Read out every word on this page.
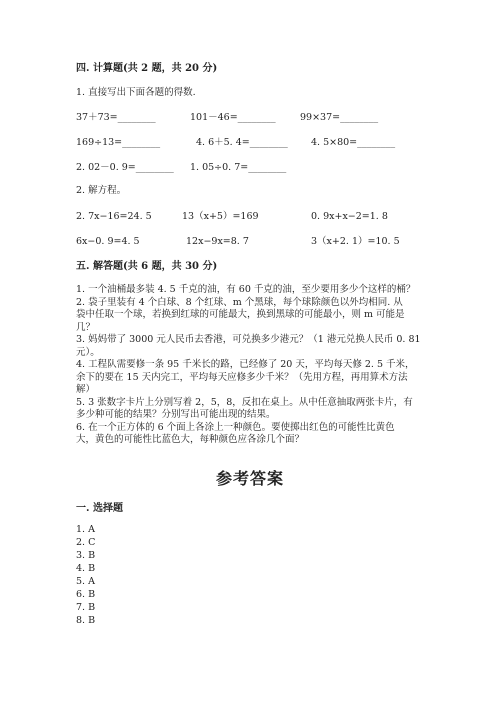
四. 计算题(共 2 题，共 20 分)
1. 直接写出下面各题的得数.
37＋73=________	101－46=________	99×37=________
169÷13=________	4. 6＋5. 4=________ 4. 5×80=________
2. 02－0. 9=________ 1. 05÷0. 7=________
2. 解方程。
2. 7x−16=24. 5	13（x+5）=169	0. 9x+x−2=1. 8
6x−0. 9=4. 5	12x−9x=8. 7	3（x+2. 1）=10. 5
五. 解答题(共 6 题，共 30 分)
1. 一个油桶最多装 4. 5 千克的油，有 60 千克的油，至少要用多少个这样的桶？
2. 袋子里装有 4 个白球、8 个红球、m 个黑球，每个球除颜色以外均相同. 从
袋中任取一个球，若换到红球的可能最大，换到黑球的可能最小，则 m 可能是
几？
3. 妈妈带了 3000 元人民币去香港，可兑换多少港元？（1 港元兑换人民币 0. 81
元）。
4. 工程队需要修一条 95 千米长的路，已经修了 20 天，平均每天修 2. 5 千米，
余下的要在 15 天内完工，平均每天应修多少千米？（先用方程，再用算术方法
解）
5. 3 张数字卡片上分别写着 2，5，8，反扣在桌上。从中任意抽取两张卡片，有
多少种可能的结果？分别写出可能出现的结果。
6. 在一个正方体的 6 个面上各涂上一种颜色。要使掷出红色的可能性比黄色
大，黄色的可能性比蓝色大，每种颜色应各涂几个面？
参考答案
一. 选择题
1. A
2. C
3. B
4. B
5. A
6. B
7. B
8. B
